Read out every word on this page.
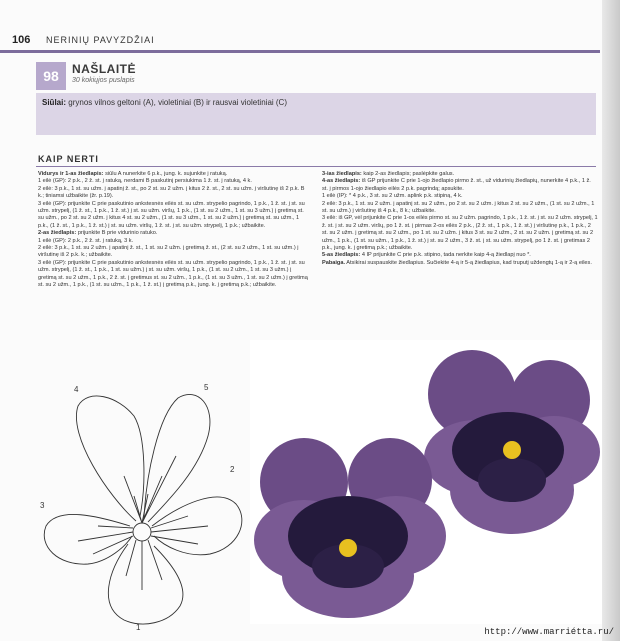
106 NERINIŲ PAVYZDŽIAI
98	NAŠLAITĖ
30 kokiųjos puslapis
Siūlai: grynos vilnos geltoni (A), violetiniai (B) ir rausvai violetiniai (C)
KAIP NERTI

Vidurys ir 1-as žiedlapis: siūlu A nunerkite 6 p.k., jung. k. sujunkite į ratuką.

1 eilė (GP): 2 p.k., 2 ž. st. į ratuką, nerdami B paskutinį persiukima 1 ž. st. į ratuką, 4 k.

2 eilė: 3 p.k., 1 st. su užm. į apatinį ž. st., po 2 st. su 2 užm. į kitus 2 ž. st., 2 st. su užm. į viršutinę iš 2 p.k. B k.; tiniamsi užbaikite (žr. p.19).

3 eilė (GP): prijunkite C prie paskutinio ankstesnės eilės st. su užm. strypelio pagrindo, 1 p.k., 1 ž. st. į st. su užm. strypelį, (1 ž. st., 1 p.k., 1 ž. st.) į st. su užm. viršų, 1 p.k., (1 st. su 2 užm., 1 st. su 3 užm.) į gretimą st. su užm., po 2 st. su 2 užm. į kitus 4 st. su 2 užm., (1 st. su 3 užm., 1 st. su 2 užm.) į gretimą st. su užm., 1 p.k., (1 ž. st., 1 p.k., 1 ž. st.) į st. su užm. viršų, 1 ž. st. į st. su užm. strypelį, 1 p.k.; užbaikite.

2-as žiedlapis: prijunkite B prie vidurinio ratuko.

1 eilė (GP): 2 p.k., 2 ž. st. į ratuką, 3 k.

2 eilė: 3 p.k., 1 st. su 2 užm. į apatinį ž. st., 1 st. su 2 užm. į gretimą ž. st., (2 st. su 2 užm., 1 st. su užm.) į viršutinę iš 2 p.k. k.; užbaikite.

3 eilė (GP): prijunkite C prie paskutinio ankstesnės eilės st. su užm. strypelio pagrindo, 1 p.k., 1 ž. st. į st. su užm. strypelį, (1 ž. st., 1 p.k., 1 st. su užm.) į st. su užm. viršų, 1 p.k., (1 st. su 2 užm., 1 st. su 3 užm.) į gretimą st. su 2 užm., 1 p.k., 2 ž. st. į gretimus st. su 2 užm., 1 p.k., (1 st. su 3 užm., 1 st. su 2 užm.) į gretimą st. su 2 užm., 1 p.k., (1 st. su užm., 1 p.k., 1 ž. st.) į gretimą p.k., jung. k. į gretimą p.k.; užbaikite.

3-ias žiedlapis: kaip 2-as žiedlapis; paslėpkite galus.

4-as žiedlapis: iš GP prijunkite C prie 1-ojo žiedlapio pirmo ž. st., už vidurinių žiedlapių, nunerkite 4 p.k., 1 ž. st. į pirmos 1-ojo žiedlapio eilės 2 p.k. pagrindą; apsukite.

1 eilė (IP): * 4 p.k., 3 st. su 2 užm. aplink p.k. stipiną, 4 k.

2 eilė: 3 p.k., 1 st. su 2 užm. į apatinį st. su 2 užm., po 2 st. su 2 užm. į kitus 2 st. su 2 užm., (1 st. su 2 užm., 1 st. su užm.) į viršutinę iš 4 p.k., 8 k.; užbaikite.

3 eilė: iš GP, vėl prijunkite C prie 1-os eilės pirmo st. su 2 užm. pagrindo, 1 p.k., 1 ž. st. į st. su 2 užm. strypelį, 1 ž. st. į st. su 2 užm. viršų, po 1 ž. st. į pirmas 2-os eilės 2 p.k., (2 ž. st., 1 p.k., 1 ž. st.) į viršutinę p.k., 1 p.k., 2 st. su 2 užm. į gretimą st. su 2 užm., po 1 st. su 2 užm. į kitus 3 st. su 2 užm., 2 st. su 2 užm. į gretimą st. su 2 užm., 1 p.k., (1 st. su užm., 1 p.k., 1 ž. st.) į st. su 2 užm., 3 ž. st. į st. su užm. strypelį, po 1 ž. st. į gretimas 2 p.k., jung. k. į gretimą p.k.; užbaikite.

5-as žiedlapis: 4 IP prijunkite C prie p.k. stipino, tada nerkite kaip 4-ą žiedlapį nuo *.

Pabaiga. Atsikirai suspauskite žiedlapius. Sučiekite 4-ą ir 5-ą žiedlapius, kad truputį uždengtų 1-ą ir 2-ą eiles.

4	5
3
2
1	http://www.marriétta.ru/
